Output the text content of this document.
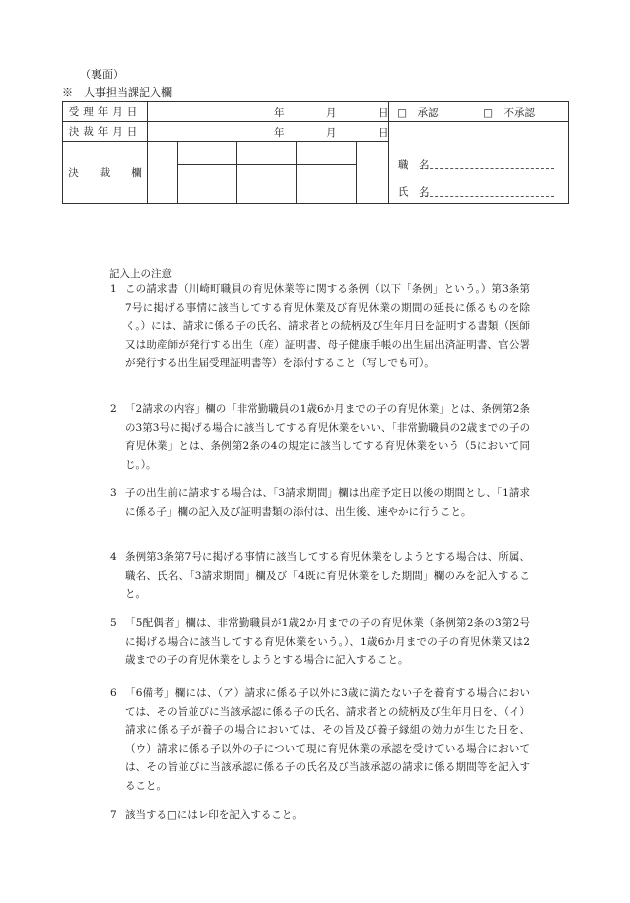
（裏面）
※　人事担当課記入欄
受理年月日	年 月 日					□　承認 □　不承認

決裁年月日	年 月 日					

決　　裁　　欄						

職　名
氏　名
記入上の注意
1 この請求書（川崎町職員の育児休業等に関する条例（以下「条例」という。）第3条第7号に掲げる事情に該当してする育児休業及び育児休業の期間の延長に係るものを除く。）には、請求に係る子の氏名、請求者との続柄及び生年月日を証明する書類（医師又は助産師が発行する出生（産）証明書、母子健康手帳の出生届出済証明書、官公署が発行する出生届受理証明書等）を添付すること（写しでも可）。
2 「2請求の内容」欄の「非常勤職員の1歳6か月までの子の育児休業」とは、条例第2条の3第3号に掲げる場合に該当してする育児休業をいい、「非常勤職員の2歳までの子の育児休業」とは、条例第2条の4の規定に該当してする育児休業をいう（5において同じ。）。
3 子の出生前に請求する場合は、「3請求期間」欄は出産予定日以後の期間とし、「1請求に係る子」欄の記入及び証明書類の添付は、出生後、速やかに行うこと。
4 条例第3条第7号に掲げる事情に該当してする育児休業をしようとする場合は、所属、職名、氏名、「3請求期間」欄及び「4既に育児休業をした期間」欄のみを記入すること。
5 「5配偶者」欄は、非常勤職員が1歳2か月までの子の育児休業（条例第2条の3第2号に掲げる場合に該当してする育児休業をいう。）、1歳6か月までの子の育児休業又は2歳までの子の育児休業をしようとする場合に記入すること。
6 「6備考」欄には、（ア）請求に係る子以外に3歳に満たない子を養育する場合においては、その旨並びに当該承認に係る子の氏名、請求者との続柄及び生年月日を、（イ）請求に係る子が養子の場合においては、その旨及び養子縁組の効力が生じた日を、（ウ）請求に係る子以外の子について現に育児休業の承認を受けている場合においては、その旨並びに当該承認に係る子の氏名及び当該承認の請求に係る期間等を記入すること。
7 該当する□にはレ印を記入すること。
